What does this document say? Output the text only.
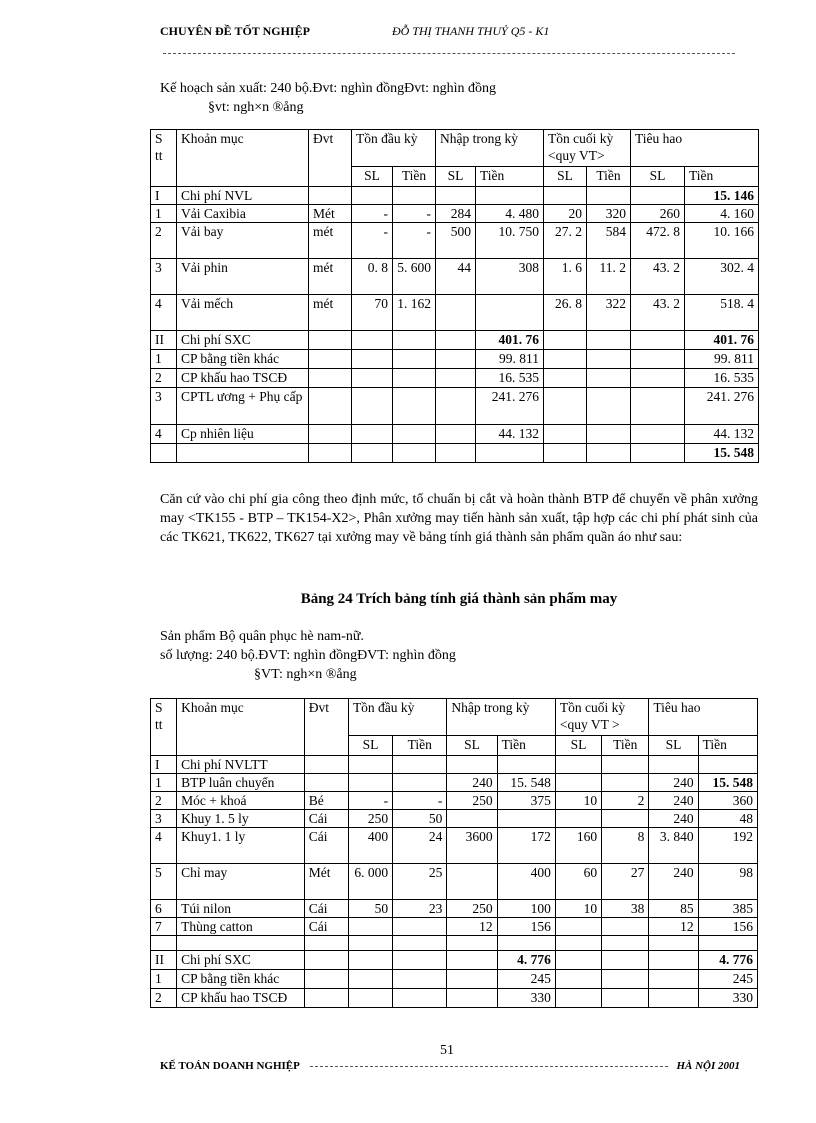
CHUYÊN ĐỀ TỐT NGHIỆP	ĐỖ THỊ THANH THUỶ Q5 - K1
Kế hoạch sản xuất: 240 bộ.Đvt: nghìn đồngĐvt: nghìn đồng
§vt: ngh×n ®ång
S tt	Khoản mục	Đvt	Tồn đầu kỳ		Nhập trong kỳ		Tồn cuối kỳ <quy VT>		Tiêu hao	
			SL	Tiền	SL	Tiền	SL	Tiền	SL	Tiền
I	Chi phí NVL									15. 146
1	Vải Caxibia	Mét	-	-	284	4. 480	20	320	260	4. 160
2	Vải bay	mét	-	-	500	10. 750	27. 2	584	472. 8	10. 166
3	Vải phin	mét	0. 8	5. 600	44	308	1. 6	11. 2	43. 2	302. 4
4	Vải mếch	mét	70	1. 162			26. 8	322	43. 2	518. 4
II	Chi phí SXC					401. 76				401. 76
1	CP bằng tiền khác					99. 811				99. 811
2	CP khấu hao TSCĐ					16. 535				16. 535
3	CPTL ương + Phụ cấp					241. 276				241. 276
4	Cp nhiên liệu					44. 132				44. 132
										15. 548
Căn cứ vào chi phí gia công theo định mức, tổ chuẩn bị cắt và hoàn thành BTP để chuyển về phân xưởng may <TK155 - BTP – TK154-X2>, Phân xưởng may tiến hành sản xuất, tập hợp các chi phí phát sinh của các TK621, TK622, TK627 tại xưởng may về bảng tính giá thành sản phẩm quần áo như sau:
Bảng 24 Trích bảng tính giá thành sản phẩm may
Sản phẩm Bộ quân phục hè nam-nữ.
số lượng: 240 bộ.ĐVT: nghìn đồngĐVT: nghìn đồng
§VT: ngh×n ®ång
S tt	Khoản mục	Đvt	Tồn đầu kỳ		Nhập trong kỳ		Tồn cuối kỳ <quy VT >		Tiêu hao	
			SL	Tiền	SL	Tiền	SL	Tiền	SL	Tiền
I	Chi phí NVLTT									
1	BTP luân chuyển				240	15. 548			240	15. 548
2	Móc + khoá	Bé	-	-	250	375	10	2	240	360
3	Khuy 1. 5 ly	Cái	250	50					240	48
4	Khuy1. 1 ly	Cái	400	24	3600	172	160	8	3. 840	192
5	Chỉ may	Mét	6. 000	25		400	60	27	240	98
6	Túi nilon	Cái	50	23	250	100	10	38	85	385
7	Thùng catton	Cái			12	156			12	156

II	Chi phí SXC					4. 776				4. 776
1	CP bằng tiền khác					245				245
2	CP khấu hao TSCĐ					330				330
51
KẾ TOÁN DOANH NGHIỆP	HÀ NỘI 2001
